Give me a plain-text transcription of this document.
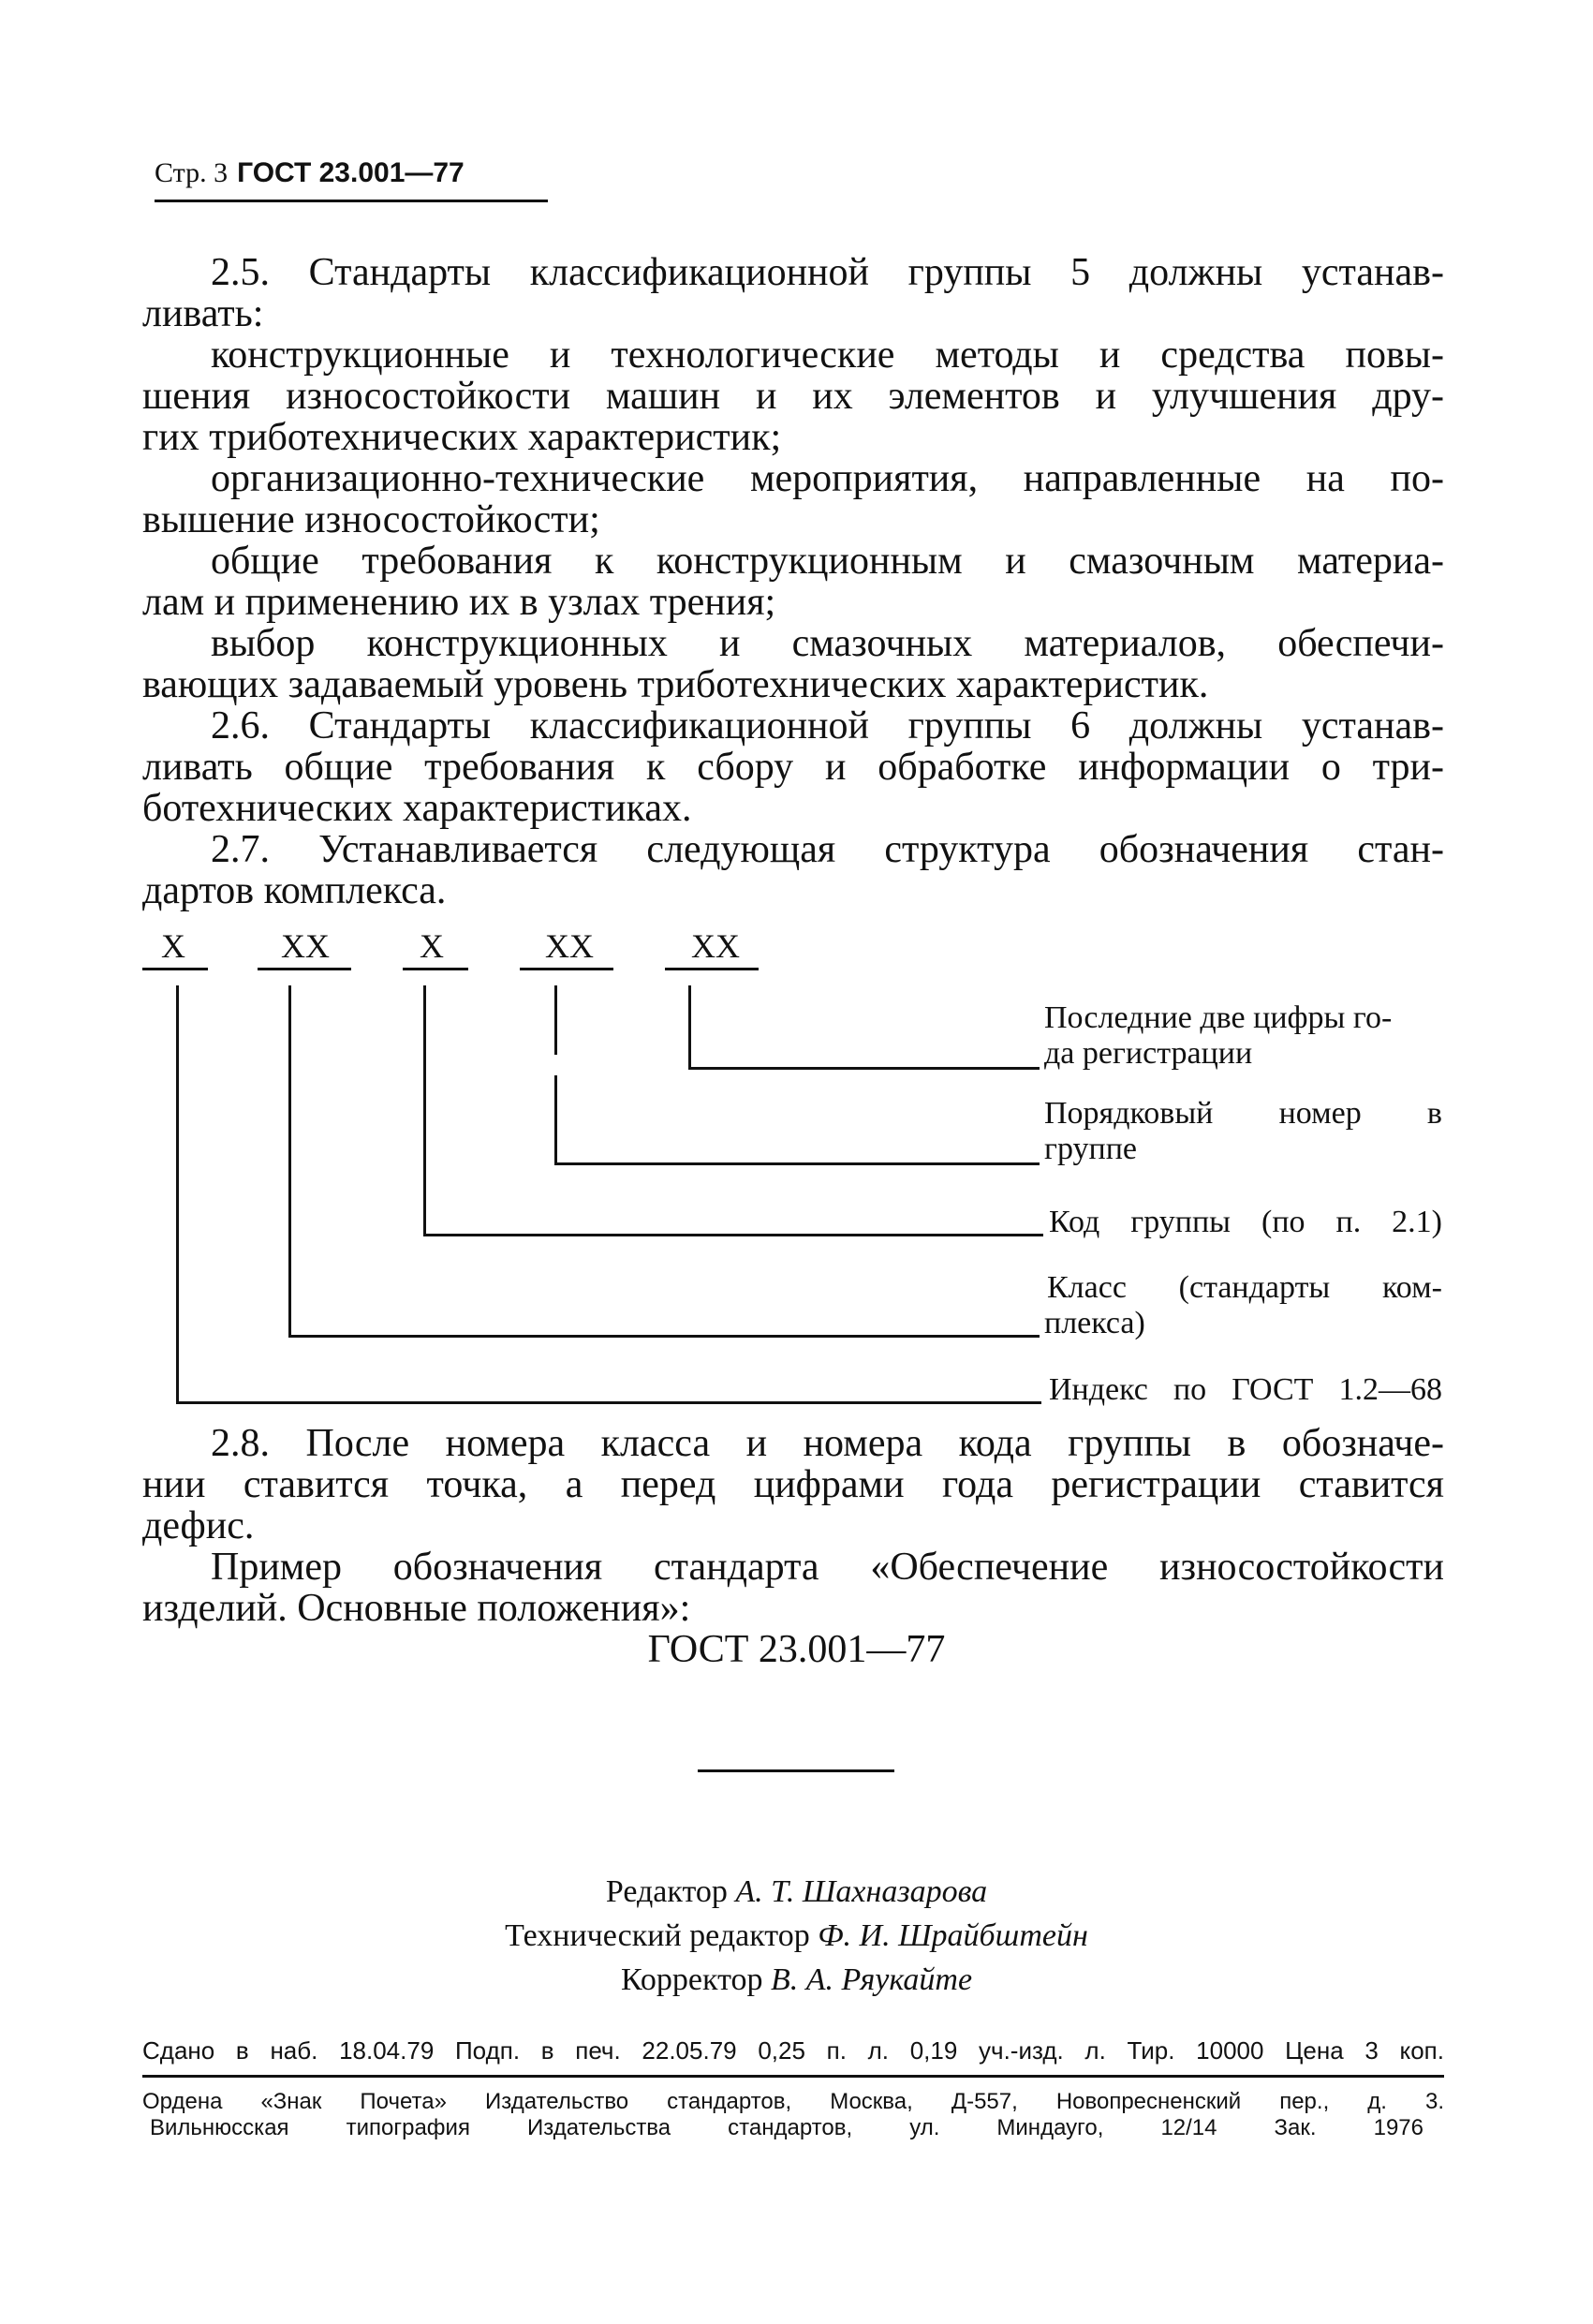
Стр. 3 ГОСТ 23.001—77
2.5. Стандарты классификационной группы 5 должны устанав-
ливать:
конструкционные и технологические методы и средства повы-
шения износостойкости машин и их элементов и улучшения дру-
гих триботехнических характеристик;
организационно-технические мероприятия, направленные на по-
вышение износостойкости;
общие требования к конструкционным и смазочным материа-
лам и применению их в узлах трения;
выбор конструкционных и смазочных материалов, обеспечи-
вающих задаваемый уровень триботехнических характеристик.
2.6. Стандарты классификационной группы 6 должны устанав-
ливать общие требования к сбору и обработке информации о три-
ботехнических характеристиках.
2.7. Устанавливается следующая структура обозначения стан-
дартов комплекса.
Х	ХХ	Х	ХХ	ХХ
Последние две цифры го-
да регистрации
Порядковый номер в
группе
Код группы (по п. 2.1)
Класс (стандарты ком-
плекса)
Индекс по ГОСТ 1.2—68
2.8. После номера класса и номера кода группы в обозначе-
нии ставится точка, а перед цифрами года регистрации ставится
дефис.
Пример обозначения стандарта «Обеспечение износостойкости
изделий. Основные положения»:
ГОСТ 23.001—77
Редактор А. Т. Шахназарова
Технический редактор Ф. И. Шрайбштейн
Корректор В. А. Ряукайте
Сдано в наб. 18.04.79 Подп. в печ. 22.05.79 0,25 п. л. 0,19 уч.-изд. л. Тир. 10000 Цена 3 коп.
Ордена «Знак Почета» Издательство стандартов, Москва, Д-557, Новопресненский пер., д. 3.
Вильнюсская типография Издательства стандартов, ул. Миндауго, 12/14 Зак. 1976
